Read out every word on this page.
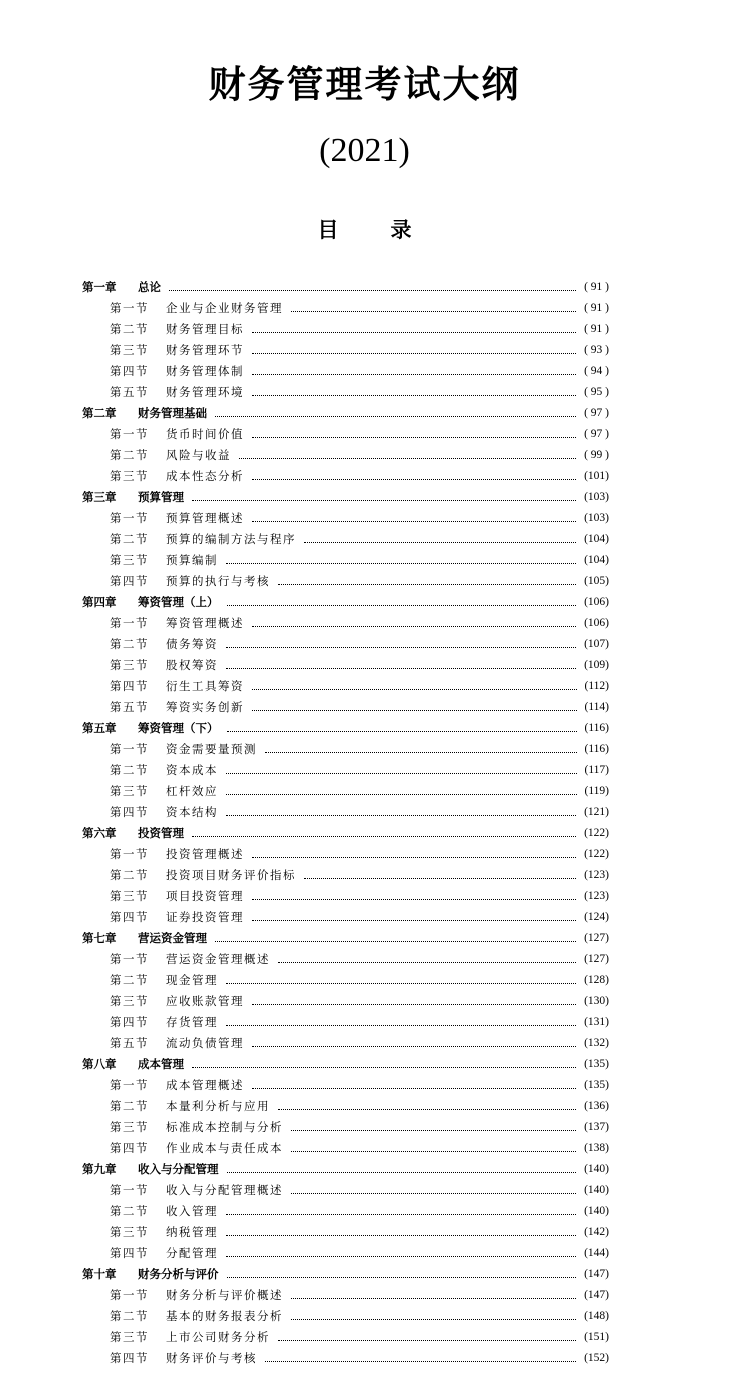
财务管理考试大纲
(2021)
目 录
第一章	总论	( 91 )
第一节	企业与企业财务管理	( 91 )
第二节	财务管理目标	( 91 )
第三节	财务管理环节	( 93 )
第四节	财务管理体制	( 94 )
第五节	财务管理环境	( 95 )
第二章	财务管理基础	( 97 )
第一节	货币时间价值	( 97 )
第二节	风险与收益	( 99 )
第三节	成本性态分析	(101)
第三章	预算管理	(103)
第一节	预算管理概述	(103)
第二节	预算的编制方法与程序	(104)
第三节	预算编制	(104)
第四节	预算的执行与考核	(105)
第四章	筹资管理（上）	(106)
第一节	筹资管理概述	(106)
第二节	债务筹资	(107)
第三节	股权筹资	(109)
第四节	衍生工具筹资	(112)
第五节	筹资实务创新	(114)
第五章	筹资管理（下）	(116)
第一节	资金需要量预测	(116)
第二节	资本成本	(117)
第三节	杠杆效应	(119)
第四节	资本结构	(121)
第六章	投资管理	(122)
第一节	投资管理概述	(122)
第二节	投资项目财务评价指标	(123)
第三节	项目投资管理	(123)
第四节	证券投资管理	(124)
第七章	营运资金管理	(127)
第一节	营运资金管理概述	(127)
第二节	现金管理	(128)
第三节	应收账款管理	(130)
第四节	存货管理	(131)
第五节	流动负债管理	(132)
第八章	成本管理	(135)
第一节	成本管理概述	(135)
第二节	本量利分析与应用	(136)
第三节	标准成本控制与分析	(137)
第四节	作业成本与责任成本	(138)
第九章	收入与分配管理	(140)
第一节	收入与分配管理概述	(140)
第二节	收入管理	(140)
第三节	纳税管理	(142)
第四节	分配管理	(144)
第十章	财务分析与评价	(147)
第一节	财务分析与评价概述	(147)
第二节	基本的财务报表分析	(148)
第三节	上市公司财务分析	(151)
第四节	财务评价与考核	(152)
